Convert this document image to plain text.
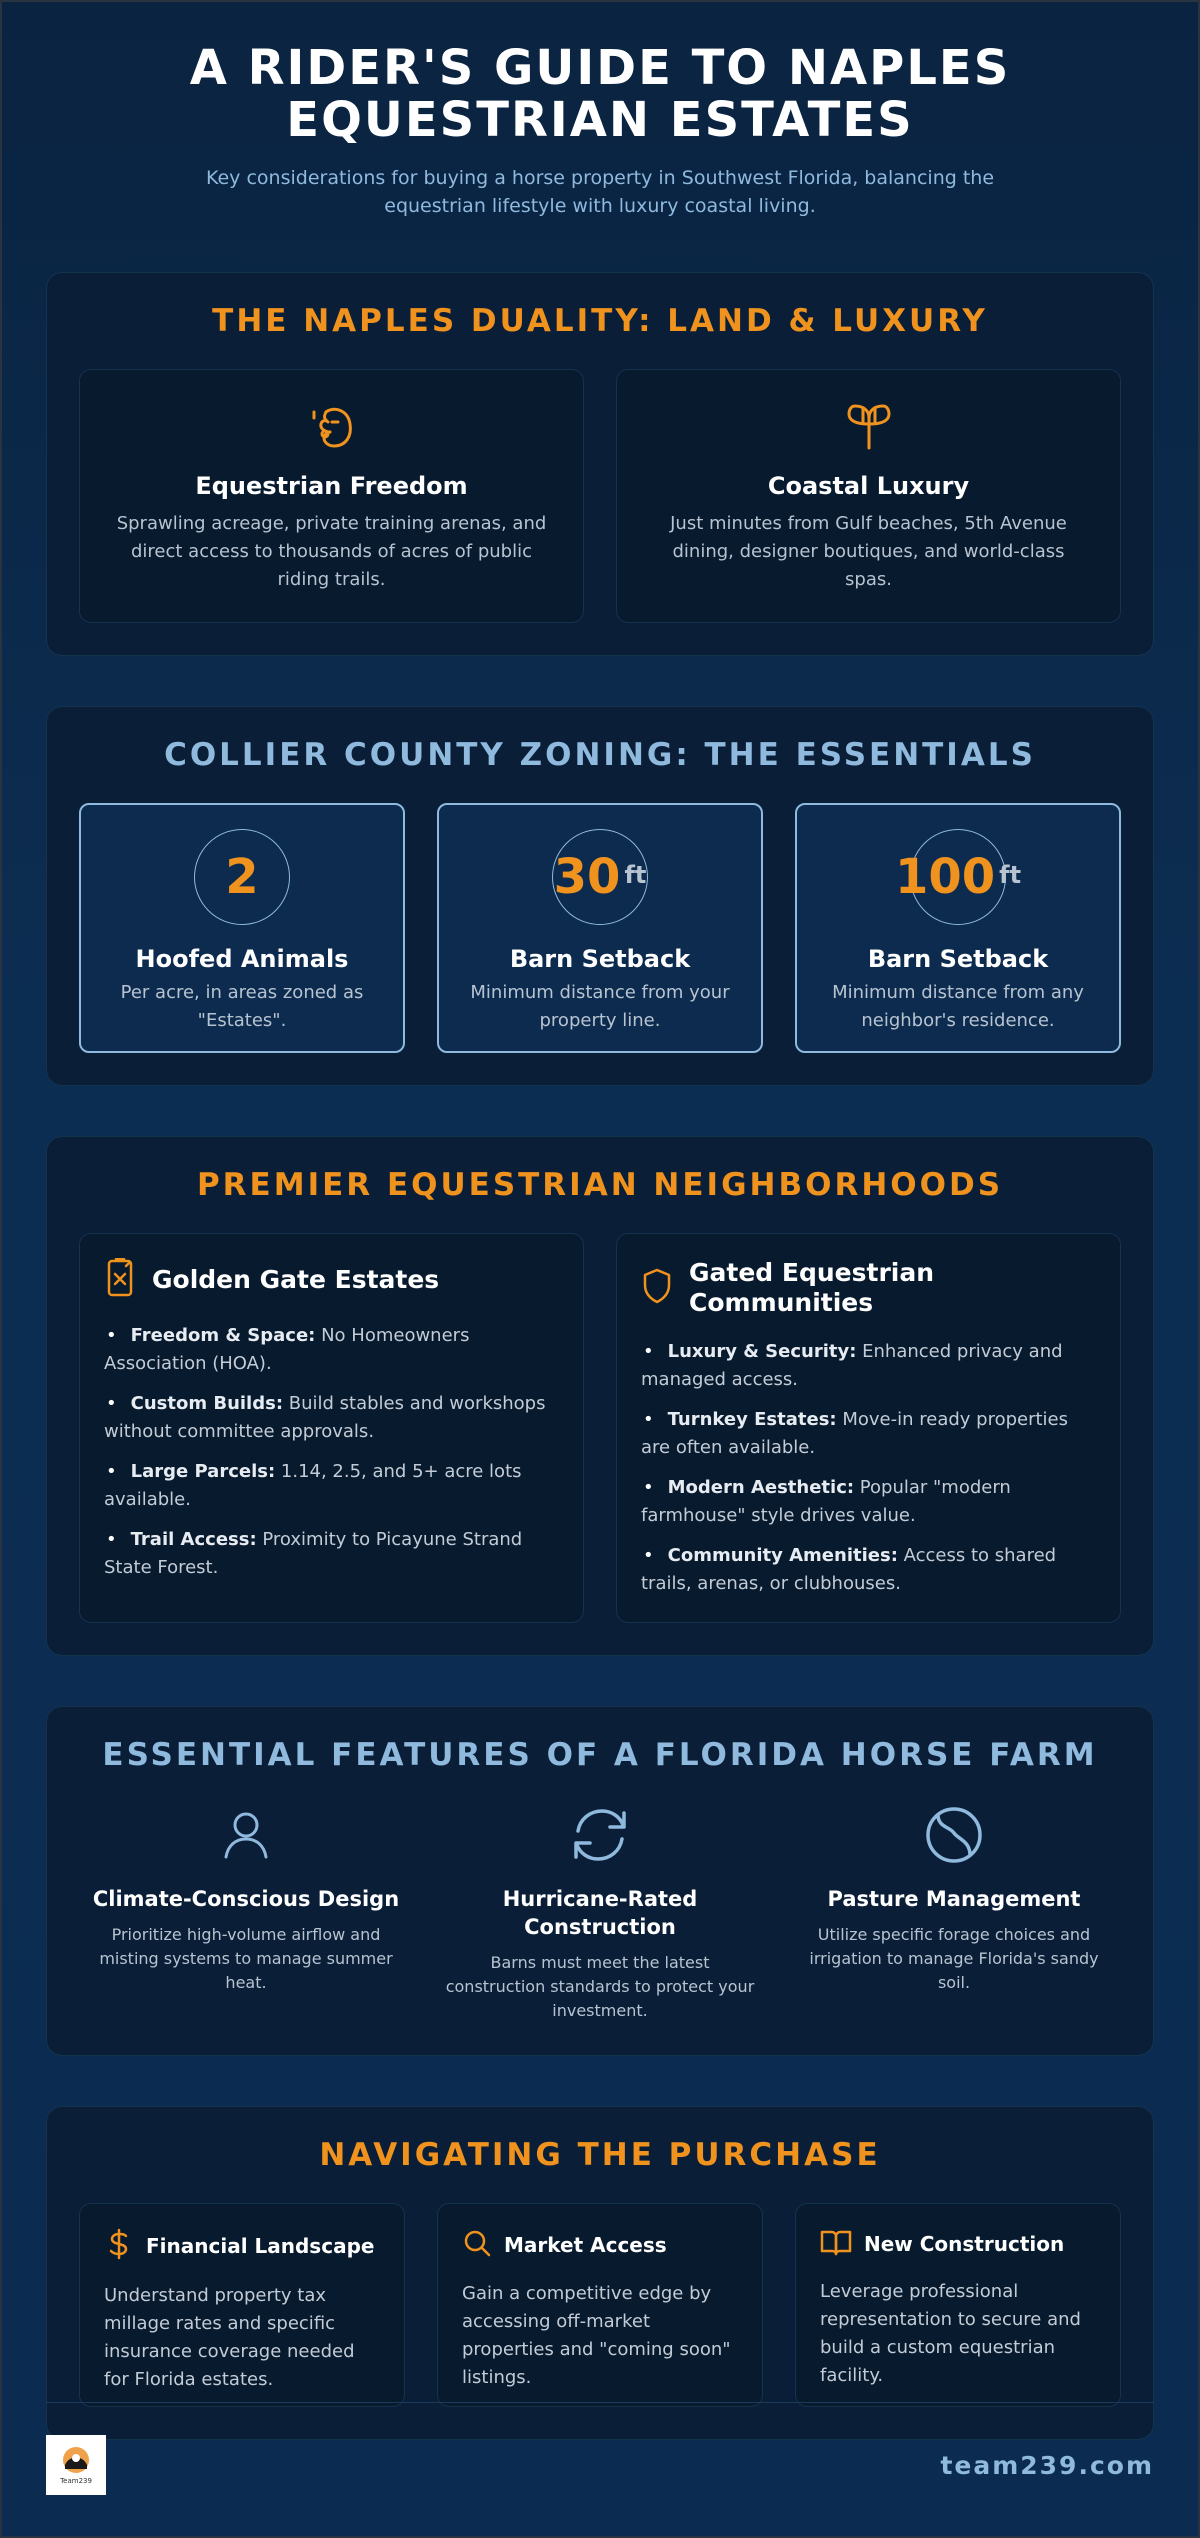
A RIDER'S GUIDE TO NAPLES EQUESTRIAN ESTATES

Key considerations for buying a horse property in Southwest Florida, balancing the equestrian lifestyle with luxury coastal living.

THE NAPLES DUALITY: LAND & LUXURY
Equestrian Freedom

Sprawling acreage, private training arenas, and direct access to thousands of acres of public riding trails.

Coastal Luxury

Just minutes from Gulf beaches, 5th Avenue dining, designer boutiques, and world-class spas.

COLLIER COUNTY ZONING: THE ESSENTIALS
2
Hoofed Animals

Per acre, in areas zoned as "Estates".

30 ft
Barn Setback

Minimum distance from your property line.

100 ft
Barn Setback

Minimum distance from any neighbor's residence.

PREMIER EQUESTRIAN NEIGHBORHOODS
Golden Gate Estates
• Freedom & Space: No Homeowners Association (HOA).
• Custom Builds: Build stables and workshops without committee approvals.
• Large Parcels: 1.14, 2.5, and 5+ acre lots available.
• Trail Access: Proximity to Picayune Strand State Forest.
Gated Equestrian Communities
• Luxury & Security: Enhanced privacy and managed access.
• Turnkey Estates: Move-in ready properties are often available.
• Modern Aesthetic: Popular "modern farmhouse" style drives value.
• Community Amenities: Access to shared trails, arenas, or clubhouses.
ESSENTIAL FEATURES OF A FLORIDA HORSE FARM
Climate-Conscious Design

Prioritize high-volume airflow and misting systems to manage summer heat.

Hurricane-Rated Construction

Barns must meet the latest construction standards to protect your investment.

Pasture Management

Utilize specific forage choices and irrigation to manage Florida's sandy soil.

NAVIGATING THE PURCHASE
Financial Landscape

Understand property tax millage rates and specific insurance coverage needed for Florida estates.

Market Access

Gain a competitive edge by accessing off-market properties and "coming soon" listings.

New Construction

Leverage professional representation to secure and build a custom equestrian facility.

Team239
team239.com
